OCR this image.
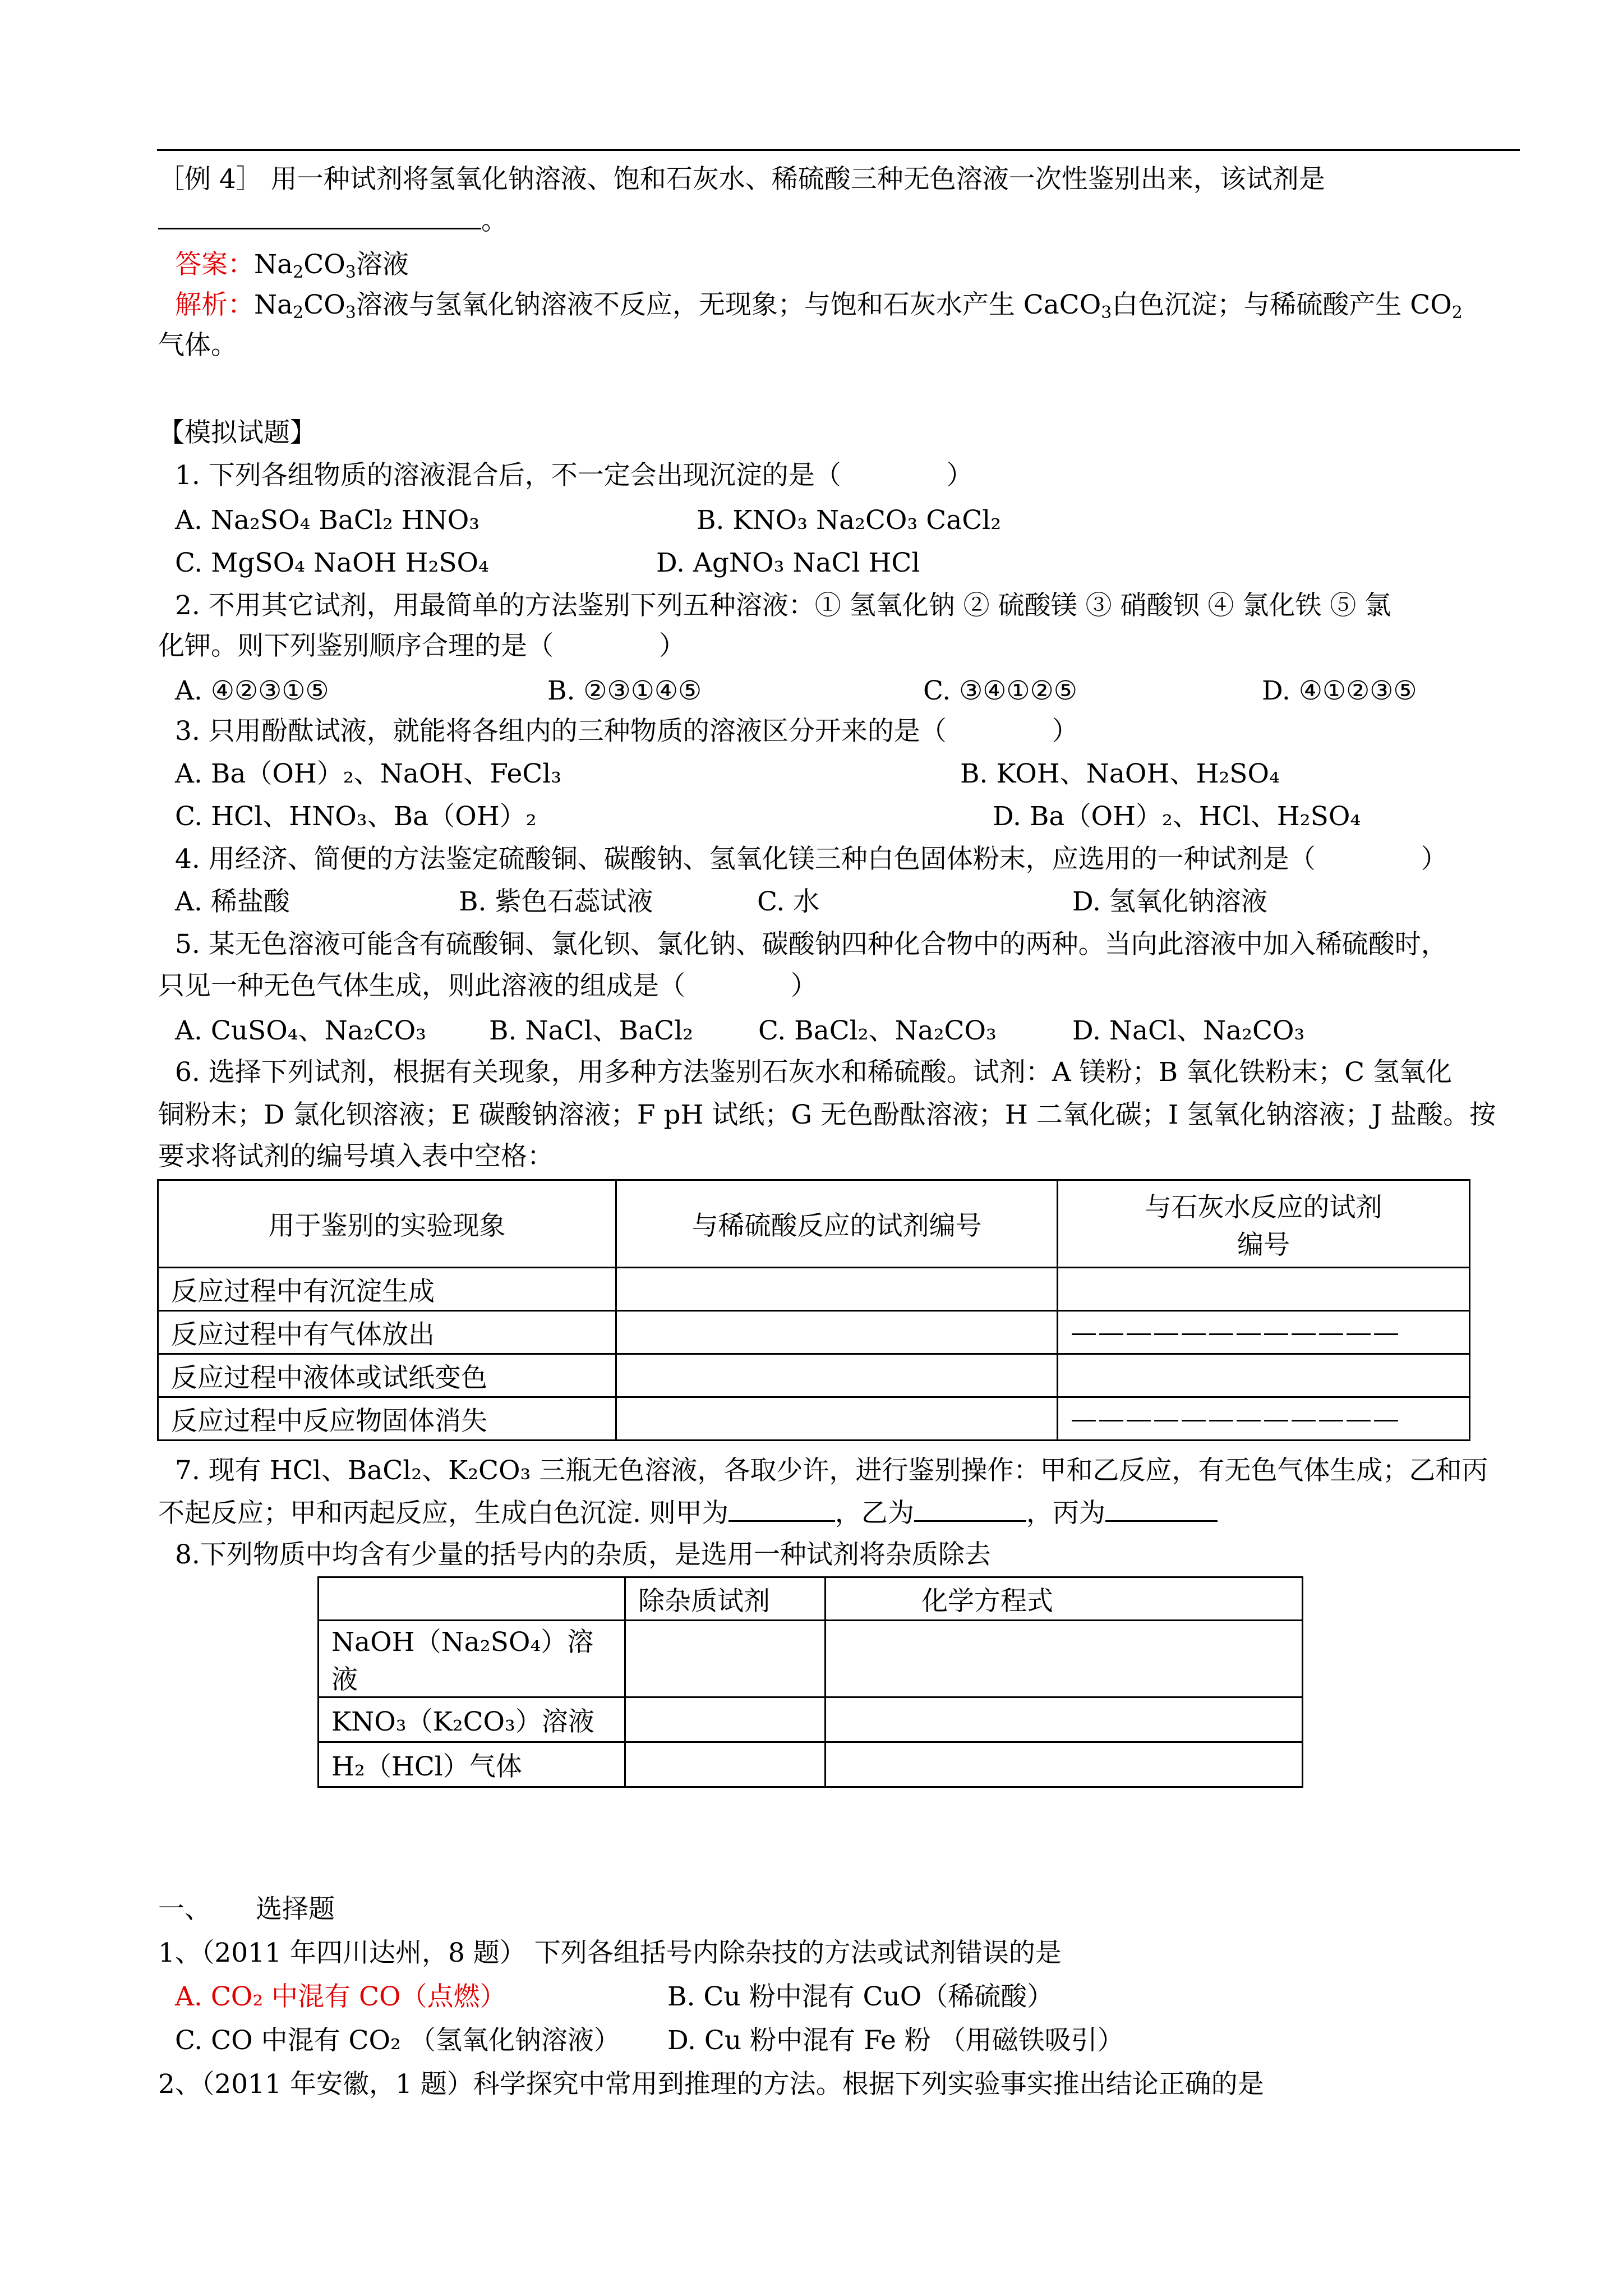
［例 4］ 用一种试剂将氢氧化钠溶液、饱和石灰水、稀硫酸三种无色溶液一次性鉴别出来，该试剂是
。
答案：$Na_2CO_3$溶液
解析：$Na_2CO_3$溶液与氢氧化钠溶液不反应，无现象；与饱和石灰水产生 CaCO$_3$白色沉淀；与稀硫酸产生 $CO_2$
气体。
【模拟试题】
1. 下列各组物质的溶液混合后，不一定会出现沉淀的是（　　　　）
A. Na₂SO₄ BaCl₂ HNO₃	B. KNO₃ Na₂CO₃ CaCl₂
C. MgSO₄ NaOH H₂SO₄	D. AgNO₃ NaCl HCl
2. 不用其它试剂，用最简单的方法鉴别下列五种溶液：① 氢氧化钠 ② 硫酸镁 ③ 硝酸钡 ④ 氯化铁 ⑤ 氯
化钾。则下列鉴别顺序合理的是（　　　　）
A. ④②③①⑤	B. ②③①④⑤	C. ③④①②⑤	D. ④①②③⑤
3. 只用酚酞试液，就能将各组内的三种物质的溶液区分开来的是（　　　　）
A. Ba（OH）₂、NaOH、FeCl₃	B. KOH、NaOH、H₂SO₄
C. HCl、HNO₃、Ba（OH）₂	D. Ba（OH）₂、HCl、H₂SO₄
4. 用经济、简便的方法鉴定硫酸铜、碳酸钠、氢氧化镁三种白色固体粉末，应选用的一种试剂是（　　　　）
A. 稀盐酸	B. 紫色石蕊试液	C. 水	D. 氢氧化钠溶液
5. 某无色溶液可能含有硫酸铜、氯化钡、氯化钠、碳酸钠四种化合物中的两种。当向此溶液中加入稀硫酸时，
只见一种无色气体生成，则此溶液的组成是（　　　　）
A. CuSO₄、Na₂CO₃ B. NaCl、BaCl₂ C. BaCl₂、Na₂CO₃	D. NaCl、Na₂CO₃
6. 选择下列试剂，根据有关现象，用多种方法鉴别石灰水和稀硫酸。试剂：A 镁粉；B 氧化铁粉末；C 氢氧化
铜粉末；D 氯化钡溶液；E 碳酸钠溶液；F pH 试纸；G 无色酚酞溶液；H 二氧化碳；I 氢氧化钠溶液；J 盐酸。按
要求将试剂的编号填入表中空格：
用于鉴别的实验现象	与稀硫酸反应的试剂编号	与石灰水反应的试剂
编号
反应过程中有沉淀生成		
反应过程中有气体放出		————————————
反应过程中液体或试纸变色		
反应过程中反应物固体消失		————————————
7. 现有 HCl、BaCl₂、K₂CO₃ 三瓶无色溶液，各取少许，进行鉴别操作：甲和乙反应，有无色气体生成；乙和丙
不起反应；甲和丙起反应，生成白色沉淀. 则甲为	，乙为	，丙为
8.下列物质中均含有少量的括号内的杂质，是选用一种试剂将杂质除去
	除杂质试剂	化学方程式
NaOH（Na₂SO₄）溶液		
KNO₃（K₂CO₃）溶液		
H₂（HCl）气体		
一、 选择题
1、（2011 年四川达州，8 题） 下列各组括号内除杂技的方法或试剂错误的是
A. CO₂ 中混有 CO（点燃）	B. Cu 粉中混有 CuO（稀硫酸）
C. CO 中混有 CO₂ （氢氧化钠溶液） D. Cu 粉中混有 Fe 粉 （用磁铁吸引）
2、（2011 年安徽，1 题）科学探究中常用到推理的方法。根据下列实验事实推出结论正确的是
